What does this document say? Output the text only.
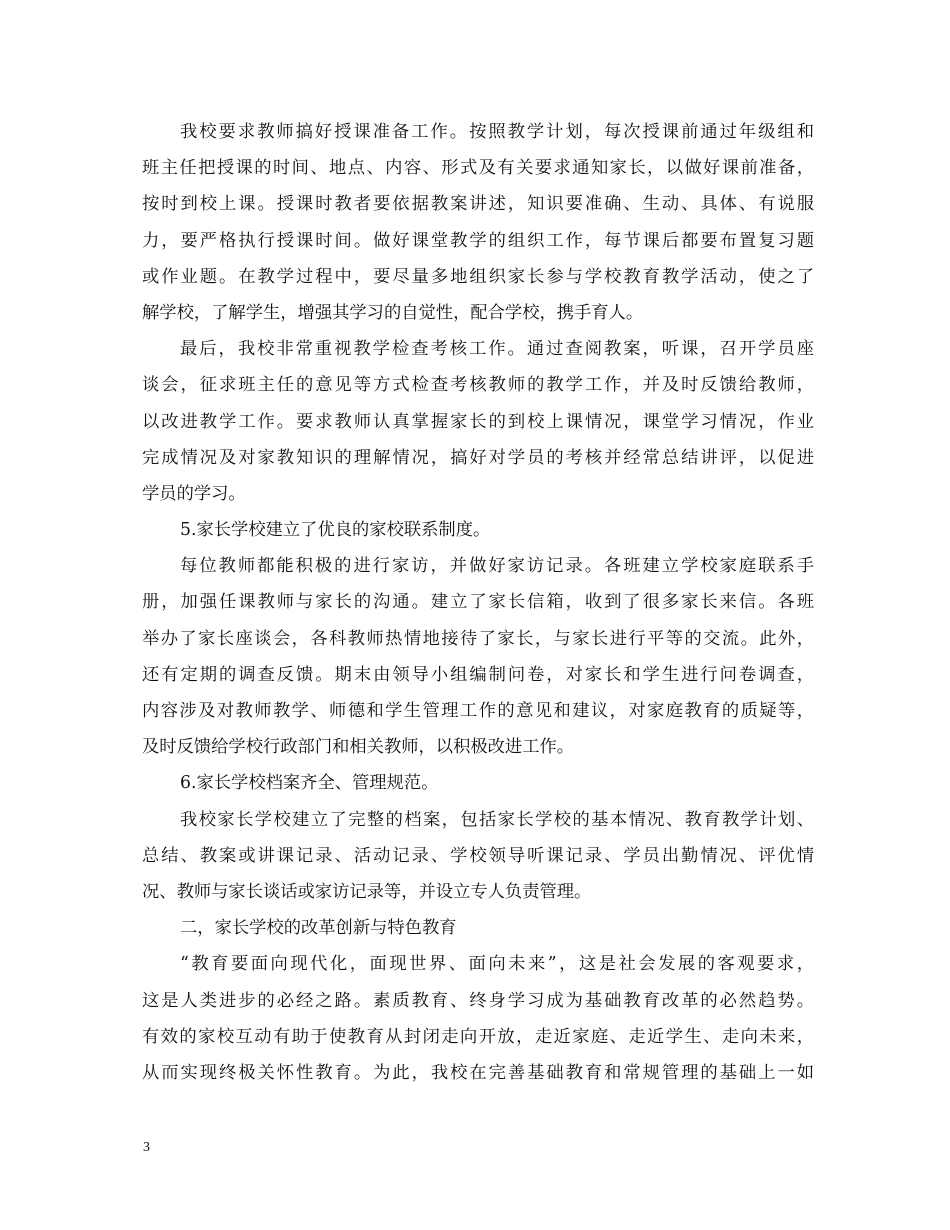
我校要求教师搞好授课准备工作。按照教学计划，每次授课前通过年级组和
班主任把授课的时间、地点、内容、形式及有关要求通知家长，以做好课前准备，
按时到校上课。授课时教者要依据教案讲述，知识要准确、生动、具体、有说服
力，要严格执行授课时间。做好课堂教学的组织工作，每节课后都要布置复习题
或作业题。在教学过程中，要尽量多地组织家长参与学校教育教学活动，使之了
解学校，了解学生，增强其学习的自觉性，配合学校，携手育人。
最后，我校非常重视教学检查考核工作。通过查阅教案，听课，召开学员座
谈会，征求班主任的意见等方式检查考核教师的教学工作，并及时反馈给教师，
以改进教学工作。要求教师认真掌握家长的到校上课情况，课堂学习情况，作业
完成情况及对家教知识的理解情况，搞好对学员的考核并经常总结讲评，以促进
学员的学习。
5.家长学校建立了优良的家校联系制度。
每位教师都能积极的进行家访，并做好家访记录。各班建立学校家庭联系手
册，加强任课教师与家长的沟通。建立了家长信箱，收到了很多家长来信。各班
举办了家长座谈会，各科教师热情地接待了家长，与家长进行平等的交流。此外，
还有定期的调查反馈。期末由领导小组编制问卷，对家长和学生进行问卷调查，
内容涉及对教师教学、师德和学生管理工作的意见和建议，对家庭教育的质疑等，
及时反馈给学校行政部门和相关教师，以积极改进工作。
6.家长学校档案齐全、管理规范。
我校家长学校建立了完整的档案，包括家长学校的基本情况、教育教学计划、
总结、教案或讲课记录、活动记录、学校领导听课记录、学员出勤情况、评优情
况、教师与家长谈话或家访记录等，并设立专人负责管理。
二，家长学校的改革创新与特色教育
“教育要面向现代化，面现世界、面向未来”，这是社会发展的客观要求，
这是人类进步的必经之路。素质教育、终身学习成为基础教育改革的必然趋势。
有效的家校互动有助于使教育从封闭走向开放，走近家庭、走近学生、走向未来，
从而实现终极关怀性教育。为此，我校在完善基础教育和常规管理的基础上一如
3
